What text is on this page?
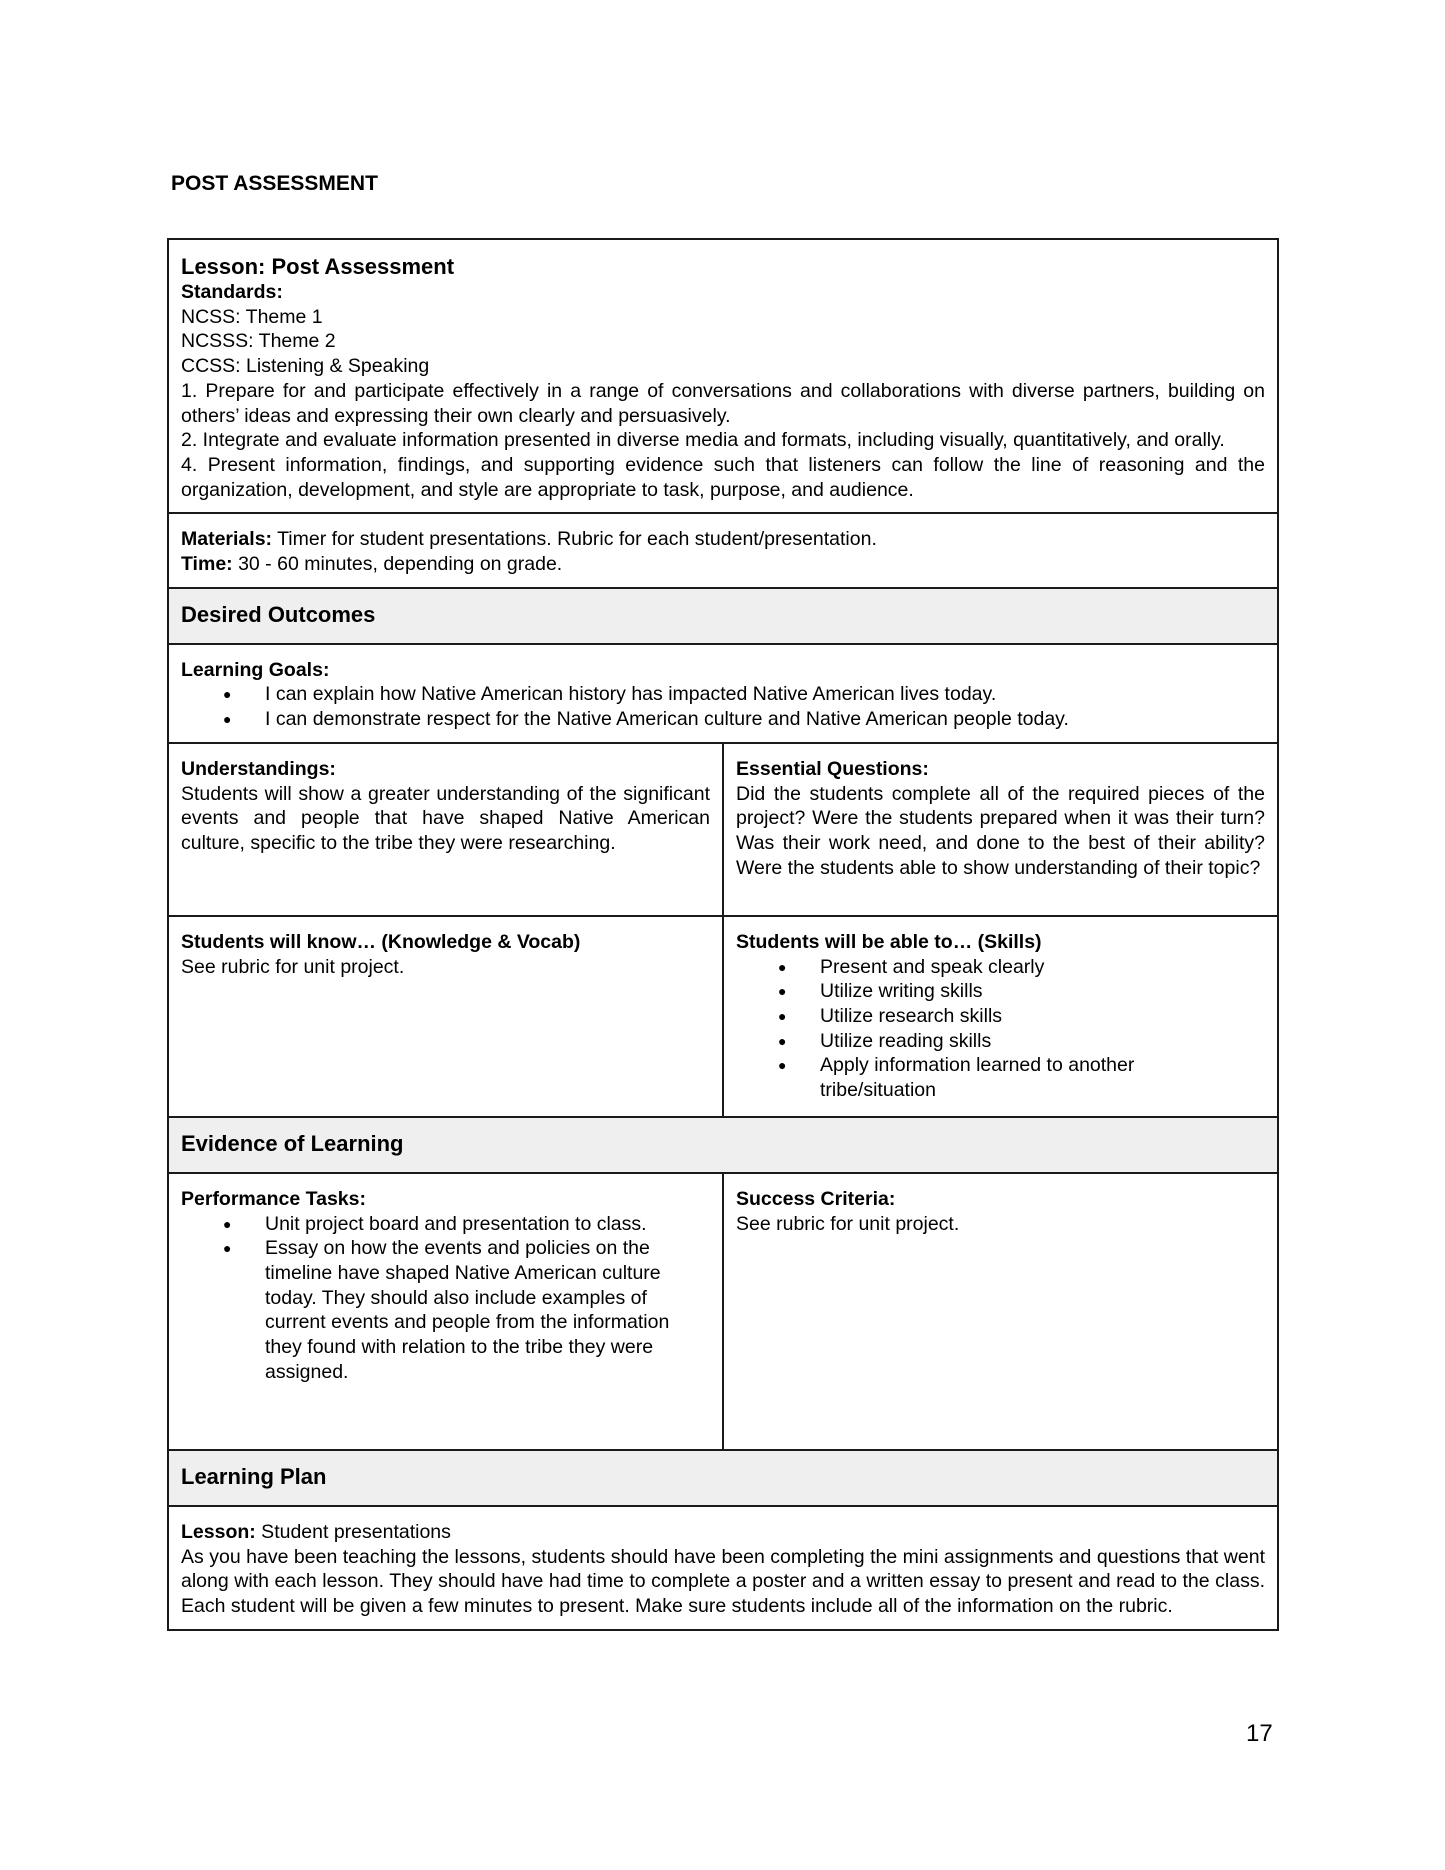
POST ASSESSMENT
Lesson: Post Assessment
Standards:
NCSS: Theme 1
NCSSS: Theme 2
CCSS: Listening & Speaking
1. Prepare for and participate effectively in a range of conversations and collaborations with diverse partners, building on others’ ideas and expressing their own clearly and persuasively.
2. Integrate and evaluate information presented in diverse media and formats, including visually, quantitatively, and orally.
4. Present information, findings, and supporting evidence such that listeners can follow the line of reasoning and the organization, development, and style are appropriate to task, purpose, and audience.

Materials: Timer for student presentations. Rubric for each student/presentation.
Time: 30 - 60 minutes, depending on grade.	

Desired Outcomes	

Learning Goals:
● I can explain how Native American history has impacted Native American lives today.
● I can demonstrate respect for the Native American culture and Native American people today.

Understandings:
Students will show a greater understanding of the significant events and people that have shaped Native American culture, specific to the tribe they were researching.

Essential Questions:
Did the students complete all of the required pieces of the project? Were the students prepared when it was their turn? Was their work need, and done to the best of their ability? Were the students able to show understanding of their topic?

Students will know… (Knowledge & Vocab)
See rubric for unit project.

Students will be able to… (Skills)
● Present and speak clearly
● Utilize writing skills
● Utilize research skills
● Utilize reading skills
● Apply information learned to another tribe/situation

Evidence of Learning	

Performance Tasks:
● Unit project board and presentation to class.
● Essay on how the events and policies on the timeline have shaped Native American culture today. They should also include examples of current events and people from the information they found with relation to the tribe they were assigned.

Success Criteria:
See rubric for unit project.

Learning Plan	

Lesson: Student presentations
As you have been teaching the lessons, students should have been completing the mini assignments and questions that went along with each lesson. They should have had time to complete a poster and a written essay to present and read to the class. Each student will be given a few minutes to present. Make sure students include all of the information on the rubric.	
17
